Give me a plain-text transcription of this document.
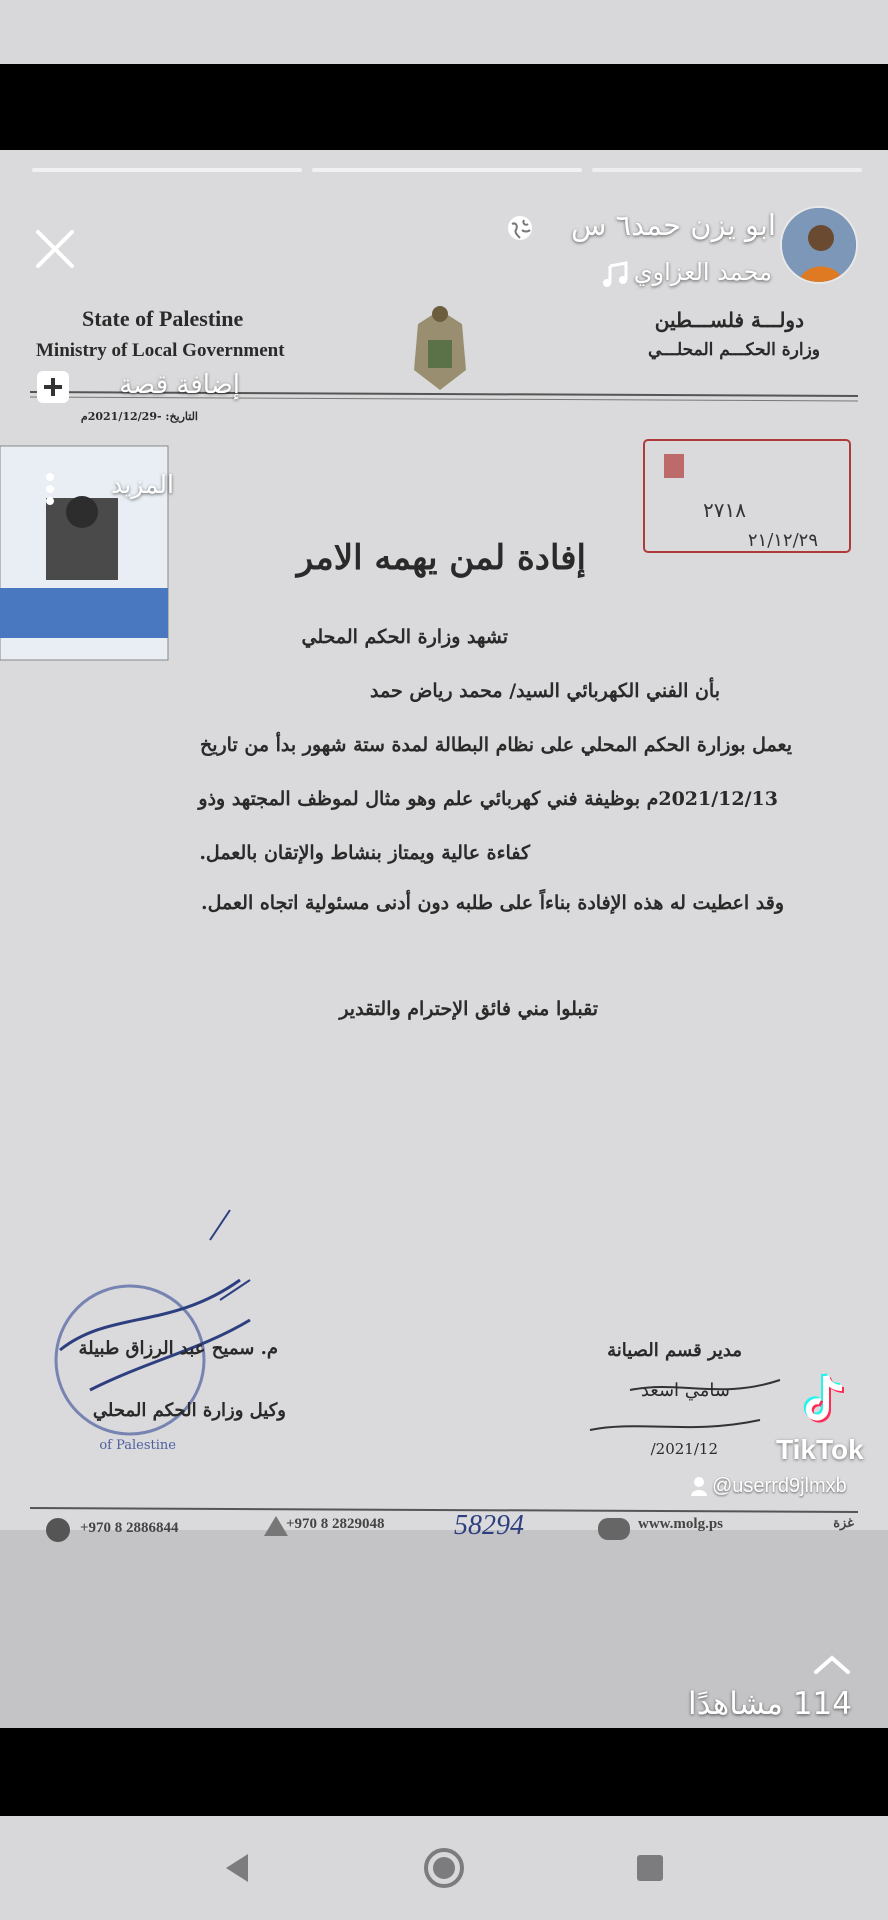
State of Palestine
Ministry of Local Government
التاريخ: -2021/12/29م
دولـــة فلســـطين
وزارة الحكـــم المحلـــي
٢٧١٨
٢١/١٢/٢٩
إفادة لمن يهمه الامر
تشهد وزارة الحكم المحلي
بأن الفني الكهربائي السيد/ محمد رياض حمد
يعمل بوزارة الحكم المحلي على نظام البطالة لمدة ستة شهور بدأ من تاريخ
2021/12/13م بوظيفة فني كهربائي علم وهو مثال لموظف المجتهد وذو
كفاءة عالية ويمتاز بنشاط والإتقان بالعمل.
وقد اعطيت له هذه الإفادة بناءاً على طلبه دون أدنى مسئولية اتجاه العمل.
تقبلوا مني فائق الإحترام والتقدير
م. سميح عبد الرزاق طبيلة
وكيل وزارة الحكم المحلي
of Palestine
مدير قسم الصيانة
سامي اسعد
2021/12/
+970 8 2886844	+970 8 2829048 58294	www.molg.ps	غزة
ابو يزن حمد٦ س
محمد العزاوي
إضافة قصة
المزيد
TikTok
@userrd9jlmxb
114 مشاهدًا
